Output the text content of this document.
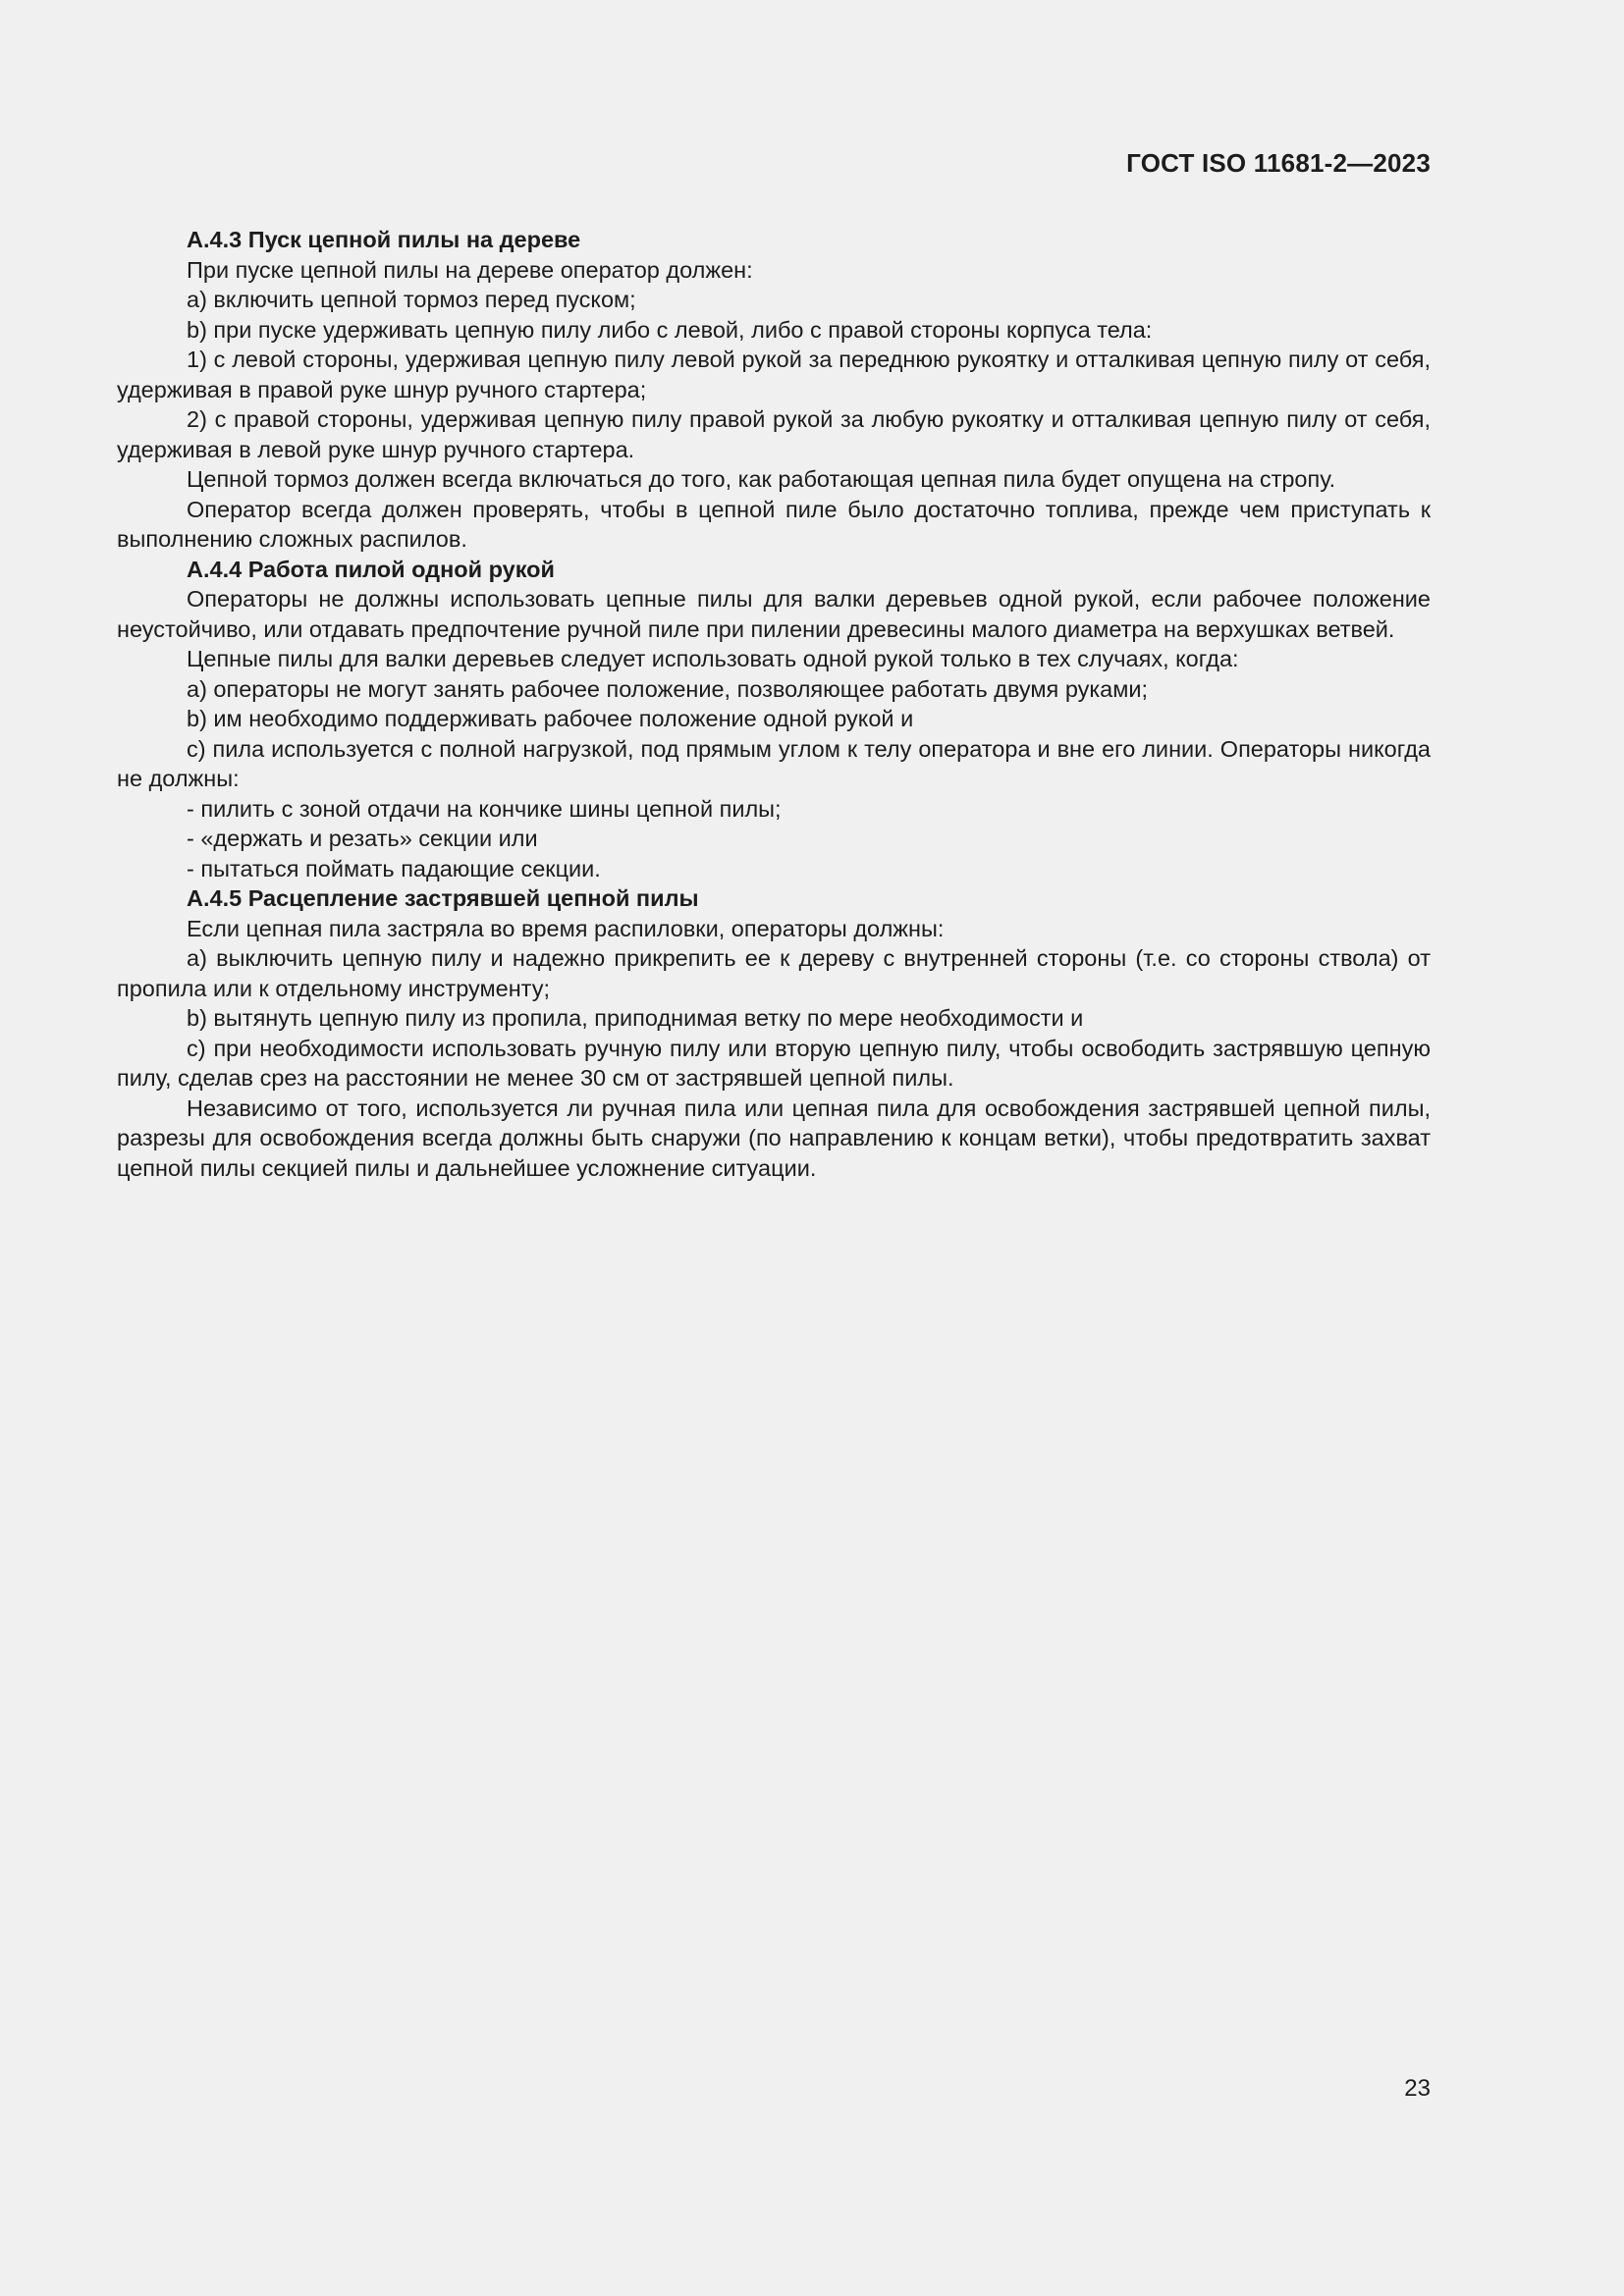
ГОСТ ISO 11681-2—2023

А.4.3 Пуск цепной пилы на дереве

При пуске цепной пилы на дереве оператор должен:

a) включить цепной тормоз перед пуском;

b) при пуске удерживать цепную пилу либо с левой, либо с правой стороны корпуса тела:

1) с левой стороны, удерживая цепную пилу левой рукой за переднюю рукоятку и отталкивая цепную пилу от себя, удерживая в правой руке шнур ручного стартера;

2) с правой стороны, удерживая цепную пилу правой рукой за любую рукоятку и отталкивая цепную пилу от себя, удерживая в левой руке шнур ручного стартера.

Цепной тормоз должен всегда включаться до того, как работающая цепная пила будет опущена на стропу.

Оператор всегда должен проверять, чтобы в цепной пиле было достаточно топлива, прежде чем приступать к выполнению сложных распилов.

А.4.4 Работа пилой одной рукой

Операторы не должны использовать цепные пилы для валки деревьев одной рукой, если рабочее положение неустойчиво, или отдавать предпочтение ручной пиле при пилении древесины малого диаметра на верхушках ветвей.

Цепные пилы для валки деревьев следует использовать одной рукой только в тех случаях, когда:

a) операторы не могут занять рабочее положение, позволяющее работать двумя руками;

b) им необходимо поддерживать рабочее положение одной рукой и

c) пила используется с полной нагрузкой, под прямым углом к телу оператора и вне его линии. Операторы никогда не должны:

- пилить с зоной отдачи на кончике шины цепной пилы;

- «держать и резать» секции или

- пытаться поймать падающие секции.

А.4.5 Расцепление застрявшей цепной пилы

Если цепная пила застряла во время распиловки, операторы должны:

a) выключить цепную пилу и надежно прикрепить ее к дереву с внутренней стороны (т.е. со стороны ствола) от пропила или к отдельному инструменту;

b) вытянуть цепную пилу из пропила, приподнимая ветку по мере необходимости и

c) при необходимости использовать ручную пилу или вторую цепную пилу, чтобы освободить застрявшую цепную пилу, сделав срез на расстоянии не менее 30 см от застрявшей цепной пилы.

Независимо от того, используется ли ручная пила или цепная пила для освобождения застрявшей цепной пилы, разрезы для освобождения всегда должны быть снаружи (по направлению к концам ветки), чтобы предотвратить захват цепной пилы секцией пилы и дальнейшее усложнение ситуации.

23
